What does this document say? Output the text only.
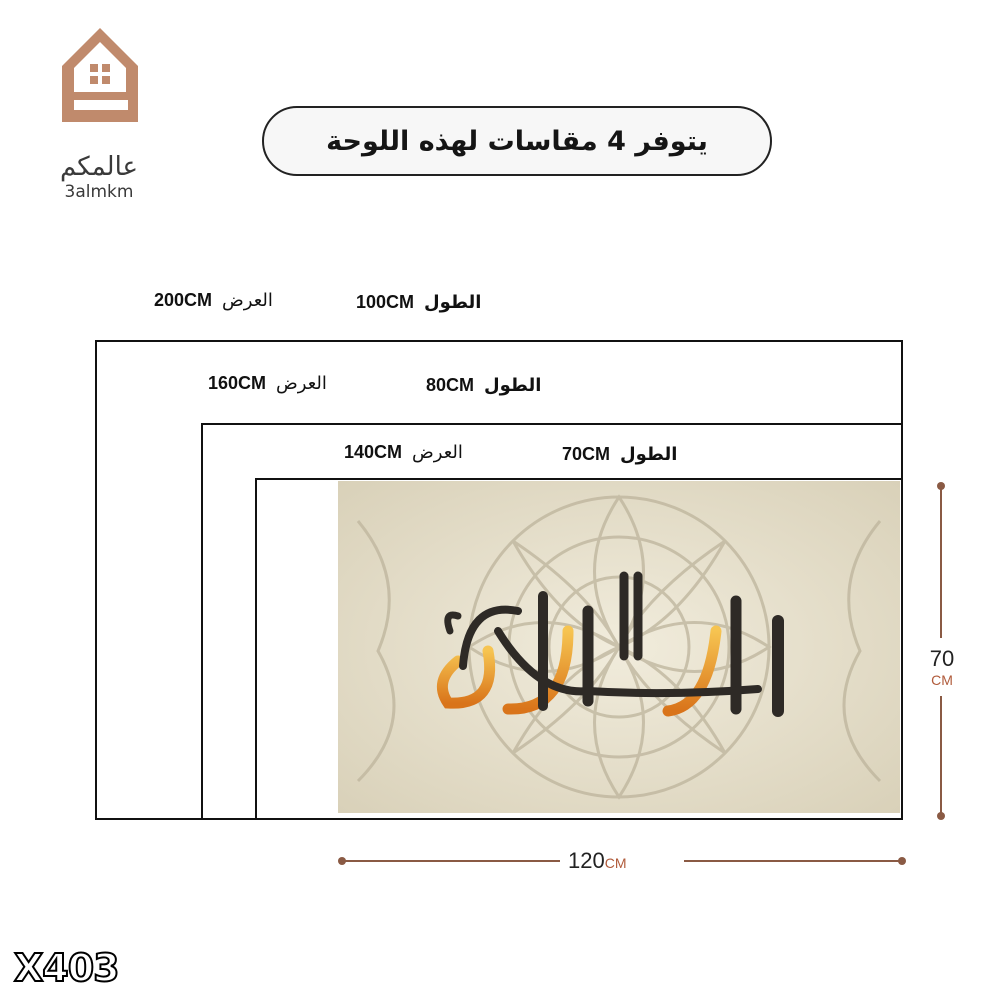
عالمكم
3almkm
يتوفر 4 مقاسات لهذه اللوحة
200CM العرض	100CM الطول
160CM العرض	80CM الطول
140CM العرض	70CM الطول
70
CM
120CM
X403
